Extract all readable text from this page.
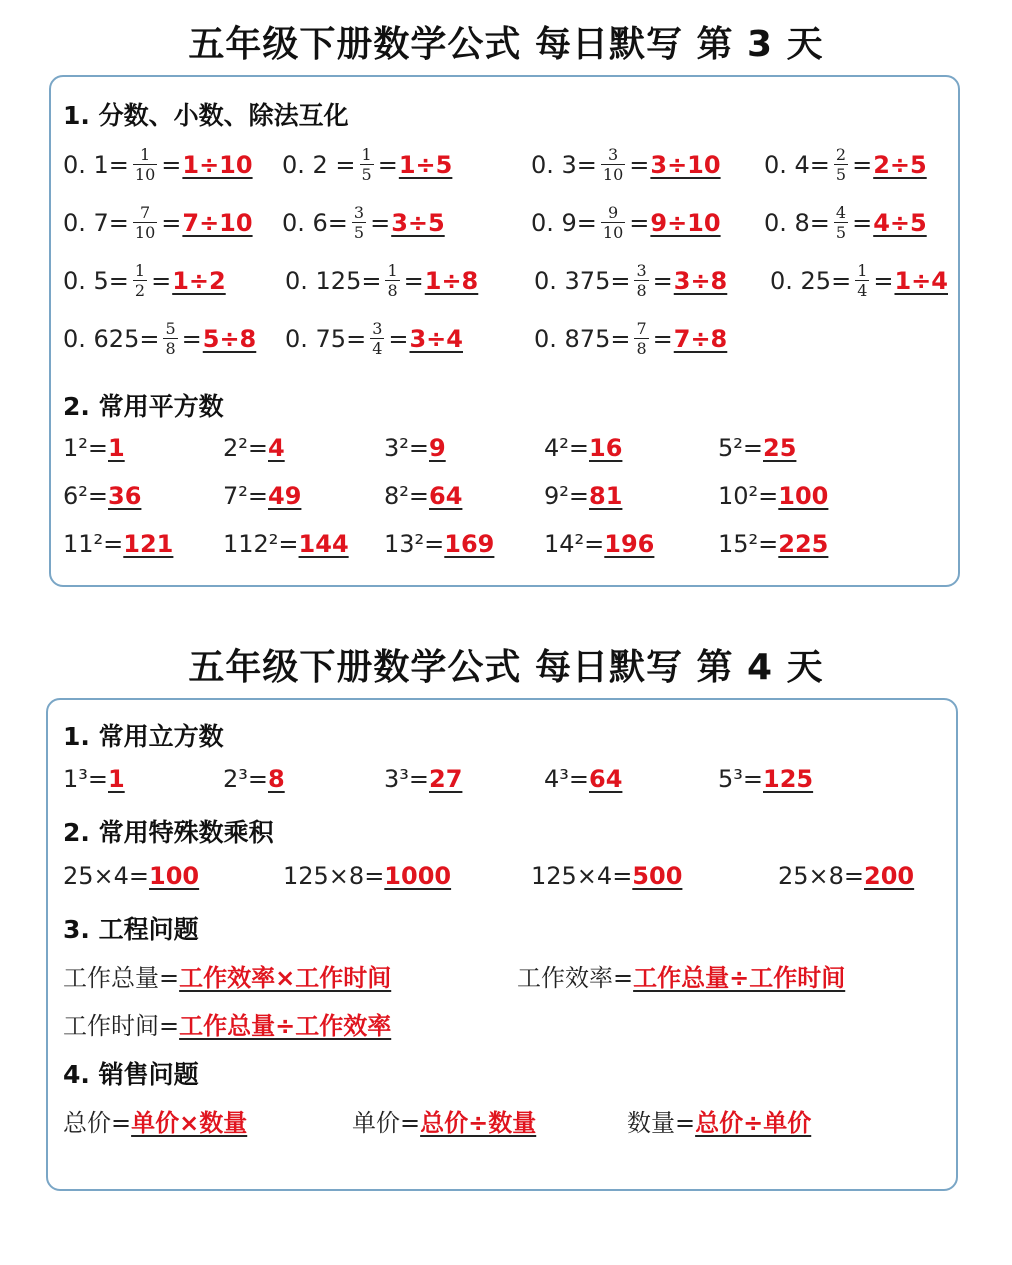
五年级下册数学公式 每日默写 第 3 天
1. 分数、小数、除法互化
0. $1= \frac{1}{10} = 1\div 10$ 0. $2 = \frac{1}{5} = 1\div 5$	0. $3= \frac{3}{10} = 3\div 10$ 0. $4= \frac{2}{5} = 2\div 5$
0. $7= \frac{7}{10} = 7\div 10$ 0. $6= \frac{3}{5} = 3\div 5$	0. $9= \frac{9}{10} = 9\div 10$ 0. $8= \frac{4}{5} = 4\div 5$
0. $5= \frac{1}{2} = 1\div 2$ 0. $125= \frac{1}{8} = 1\div 8$ 0. $375= \frac{3}{8} = 3\div 8$ 0. $25= \frac{1}{4} = 1\div 4$
0. $625= \frac{5}{8} = 5\div 8$ 0. $75= \frac{3}{4} = 3\div 4$	0. $875= \frac{7}{8} = 7\div 8$
2. 常用平方数
1²= 1	2²= 4	3²= 9	4²= 16	5²= 25
6²= 36	7²= 49	8²= 64	9²= 81	10²= 100
11²= 121 112²= 144 13²= 169 14²= 196	15²= 225
五年级下册数学公式 每日默写 第 4 天
1. 常用立方数
1³= 1	2³= 8	3³= 27	4³= 64	5³= 125
2. 常用特殊数乘积
25×4= 100	125×8= 1000	125×4= 500	25×8= 200
3. 工程问题
工作总量= 工作效率×工作时间	工作效率= 工作总量÷工作时间
工作时间= 工作总量÷工作效率
4. 销售问题
总价= 单价×数量	单价= 总价÷数量	数量= 总价÷单价
